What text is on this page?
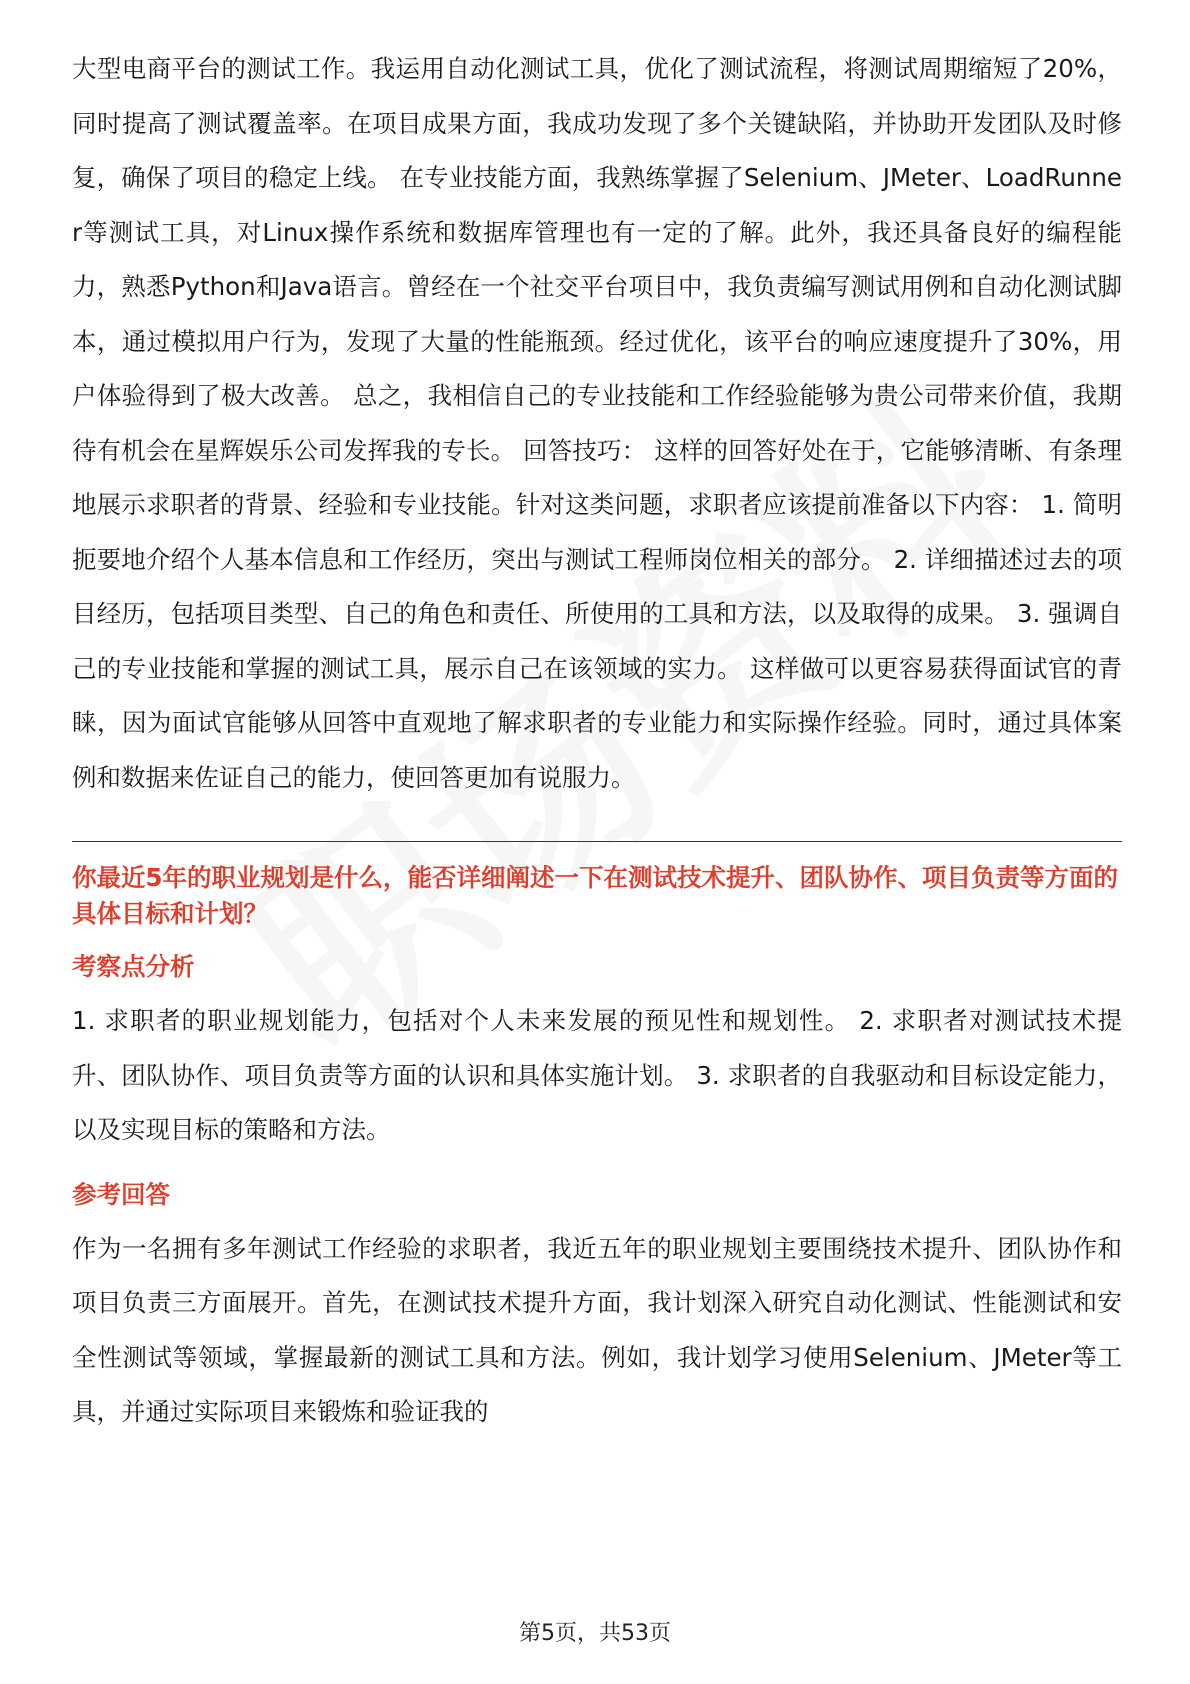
大型电商平台的测试工作。我运用自动化测试工具，优化了测试流程，将测试周期缩短了20%，同时提高了测试覆盖率。在项目成果方面，我成功发现了多个关键缺陷，并协助开发团队及时修复，确保了项目的稳定上线。 在专业技能方面，我熟练掌握了Selenium、JMeter、LoadRunner等测试工具，对Linux操作系统和数据库管理也有一定的了解。此外，我还具备良好的编程能力，熟悉Python和Java语言。曾经在一个社交平台项目中，我负责编写测试用例和自动化测试脚本，通过模拟用户行为，发现了大量的性能瓶颈。经过优化，该平台的响应速度提升了30%，用户体验得到了极大改善。 总之，我相信自己的专业技能和工作经验能够为贵公司带来价值，我期待有机会在星辉娱乐公司发挥我的专长。 回答技巧： 这样的回答好处在于，它能够清晰、有条理地展示求职者的背景、经验和专业技能。针对这类问题，求职者应该提前准备以下内容： 1. 简明扼要地介绍个人基本信息和工作经历，突出与测试工程师岗位相关的部分。 2. 详细描述过去的项目经历，包括项目类型、自己的角色和责任、所使用的工具和方法，以及取得的成果。 3. 强调自己的专业技能和掌握的测试工具，展示自己在该领域的实力。 这样做可以更容易获得面试官的青睐，因为面试官能够从回答中直观地了解求职者的专业能力和实际操作经验。同时，通过具体案例和数据来佐证自己的能力，使回答更加有说服力。

你最近5年的职业规划是什么，能否详细阐述一下在测试技术提升、团队协作、项目负责等方面的具体目标和计划？

考察点分析

1. 求职者的职业规划能力，包括对个人未来发展的预见性和规划性。 2. 求职者对测试技术提升、团队协作、项目负责等方面的认识和具体实施计划。 3. 求职者的自我驱动和目标设定能力，以及实现目标的策略和方法。

参考回答

作为一名拥有多年测试工作经验的求职者，我近五年的职业规划主要围绕技术提升、团队协作和项目负责三方面展开。首先，在测试技术提升方面，我计划深入研究自动化测试、性能测试和安全性测试等领域，掌握最新的测试工具和方法。例如，我计划学习使用Selenium、JMeter等工具，并通过实际项目来锻炼和验证我的

第5页，共53页
